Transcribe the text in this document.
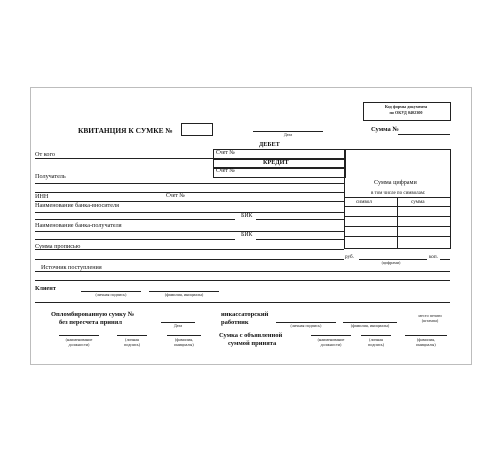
Код формы документа
по ОКУД 0402300
Сумма №
КВИТАНЦИЯ К СУМКЕ №	Дата
ДЕБЕТ
Счет №
От кого
КРЕДИТ
Счет №
Получатель
Сумма цифрами
в том числе по символам:
ИНН	Счет №
символ	сумма
Наименование банка-вносителя
БИК
Наименование банка-получателя
БИК
Сумма прописью
руб.	коп.
(цифрами)
Источник поступления
Клиент
(личная подпись)	(фамилия, инициалы)
Опломбированную сумку №
без пересчета принял	Дата
инкассаторский
работник	(личная подпись)	(фамилия, инициалы)
место печати
(штампа)
(наименование
должности)
(личная
подпись)
(фамилия,
инициалы)
Сумка с объявленной
суммой принята
(наименование
должности)
(личная
подпись)
(фамилия,
инициалы)
